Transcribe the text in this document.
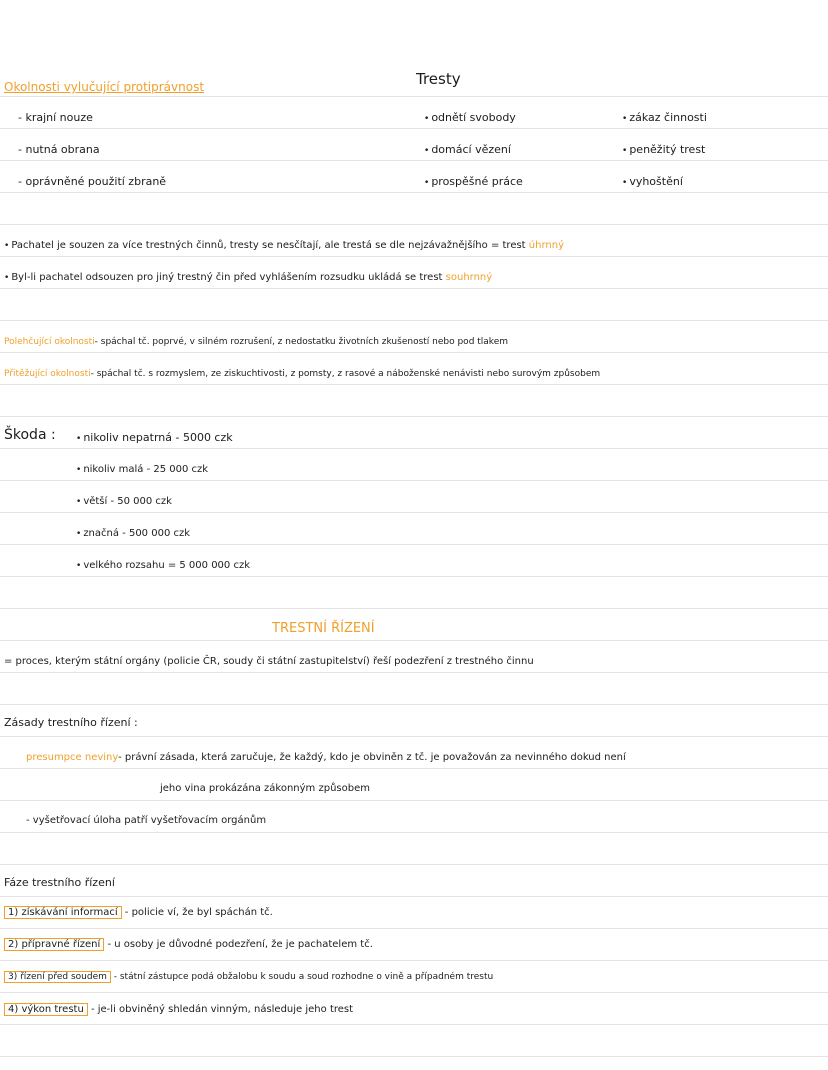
Okolnosti vylučující protiprávnost
- krajní nouze
- nutná obrana
- oprávněné použití zbraně
Tresty
• odnětí svobody
• domácí vězení
• prospěšné práce
• zákaz činnosti
• peněžitý trest
• vyhoštění
• Pachatel je souzen za více trestných činnů, tresty se nesčítají, ale trestá se dle nejzávažnějšího = trest úhrnný
• Byl-li pachatel odsouzen pro jiný trestný čin před vyhlášením rozsudku ukládá se trest souhrnný
Polehčující okolnosti- spáchal tč. poprvé, v silném rozrušení, z nedostatku životních zkušeností nebo pod tlakem
Přitěžující okolnosti- spáchal tč. s rozmyslem, ze ziskuchtivosti, z pomsty, z rasové a náboženské nenávisti nebo surovým způsobem
Škoda :
•	nikoliv nepatrná - 5000 czk
• nikoliv malá - 25 000 czk
• větší - 50 000 czk
• značná - 500 000 czk
• velkého rozsahu = 5 000 000 czk
TRESTNÍ ŘÍZENÍ
= proces, kterým státní orgány (policie ČR, soudy či státní zastupitelství) řeší podezření z trestného činnu
Zásady trestního řízení :
presumpce neviny- právní zásada, která zaručuje, že každý, kdo je obviněn z tč. je považován za nevinného dokud není
jeho vina prokázána zákonným způsobem
- vyšetřovací úloha patří vyšetřovacím orgánům
Fáze trestního řízení
1) získávání informací - policie ví, že byl spáchán tč.
2) přípravné řízení - u osoby je důvodné podezření, že je pachatelem tč.
3) řízení před soudem - státní zástupce podá obžalobu k soudu a soud rozhodne o vině a případném trestu
4) výkon trestu - je-li obviněný shledán vinným, následuje jeho trest
